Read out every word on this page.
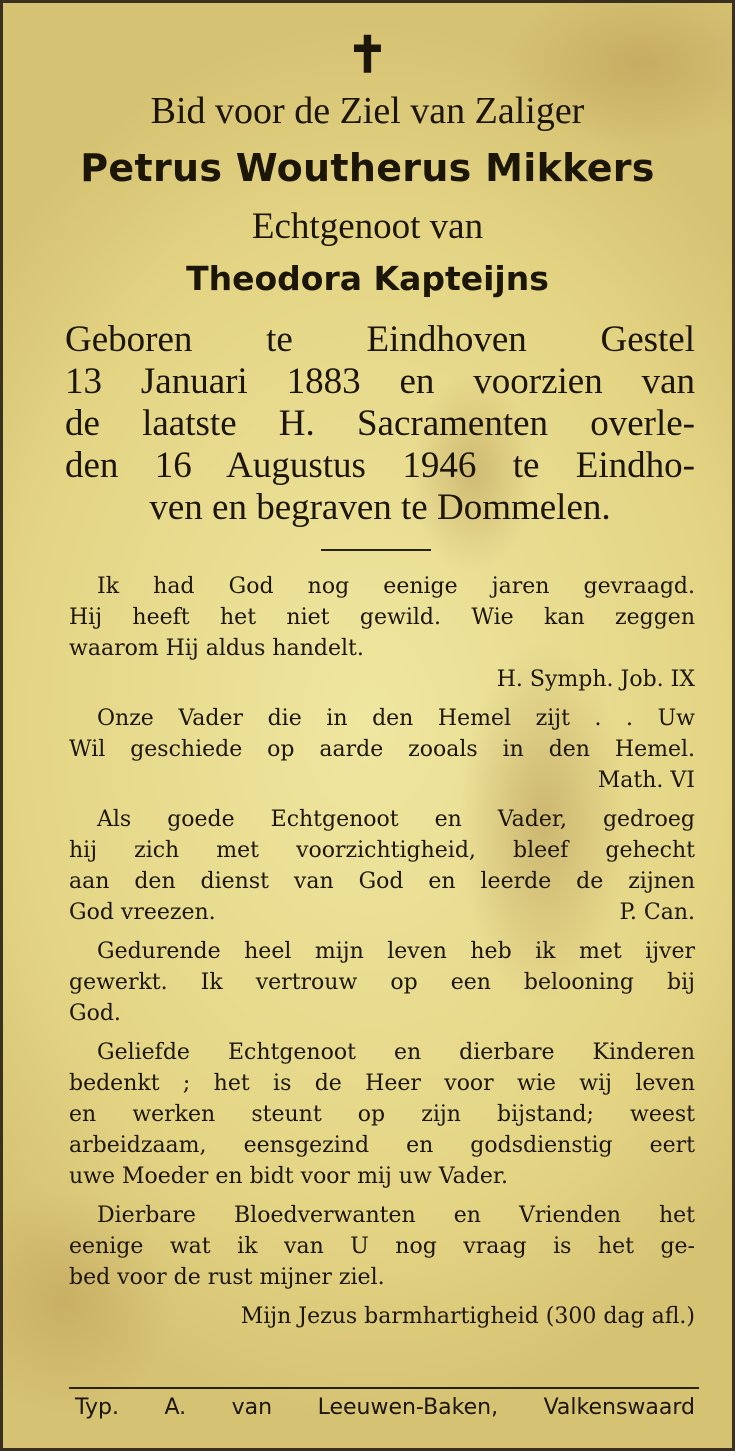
✝
Bid voor de Ziel van Zaliger
Petrus Woutherus Mikkers
Echtgenoot van
Theodora Kapteijns
Geboren te Eindhoven Gestel
13 Januari 1883 en voorzien van
de laatste H. Sacramenten overle-
den 16 Augustus 1946 te Eindho-
ven en begraven te Dommelen.
Ik had God nog eenige jaren gevraagd.
Hij heeft het niet gewild. Wie kan zeggen
waarom Hij aldus handelt.
H. Symph. Job. IX
Onze Vader die in den Hemel zijt . . Uw
Wil geschiede op aarde zooals in den Hemel.
Math. VI
Als goede Echtgenoot en Vader, gedroeg
hij zich met voorzichtigheid, bleef gehecht
aan den dienst van God en leerde de zijnen
God vreezen.	P. Can.
Gedurende heel mijn leven heb ik met ijver
gewerkt. Ik vertrouw op een belooning bij
God.
Geliefde Echtgenoot en dierbare Kinderen
bedenkt ; het is de Heer voor wie wij leven
en werken steunt op zijn bijstand; weest
arbeidzaam, eensgezind en godsdienstig eert
uwe Moeder en bidt voor mij uw Vader.
Dierbare Bloedverwanten en Vrienden het
eenige wat ik van U nog vraag is het ge-
bed voor de rust mijner ziel.
Mijn Jezus barmhartigheid (300 dag afl.)
Typ. A. van Leeuwen-Baken, Valkenswaard
